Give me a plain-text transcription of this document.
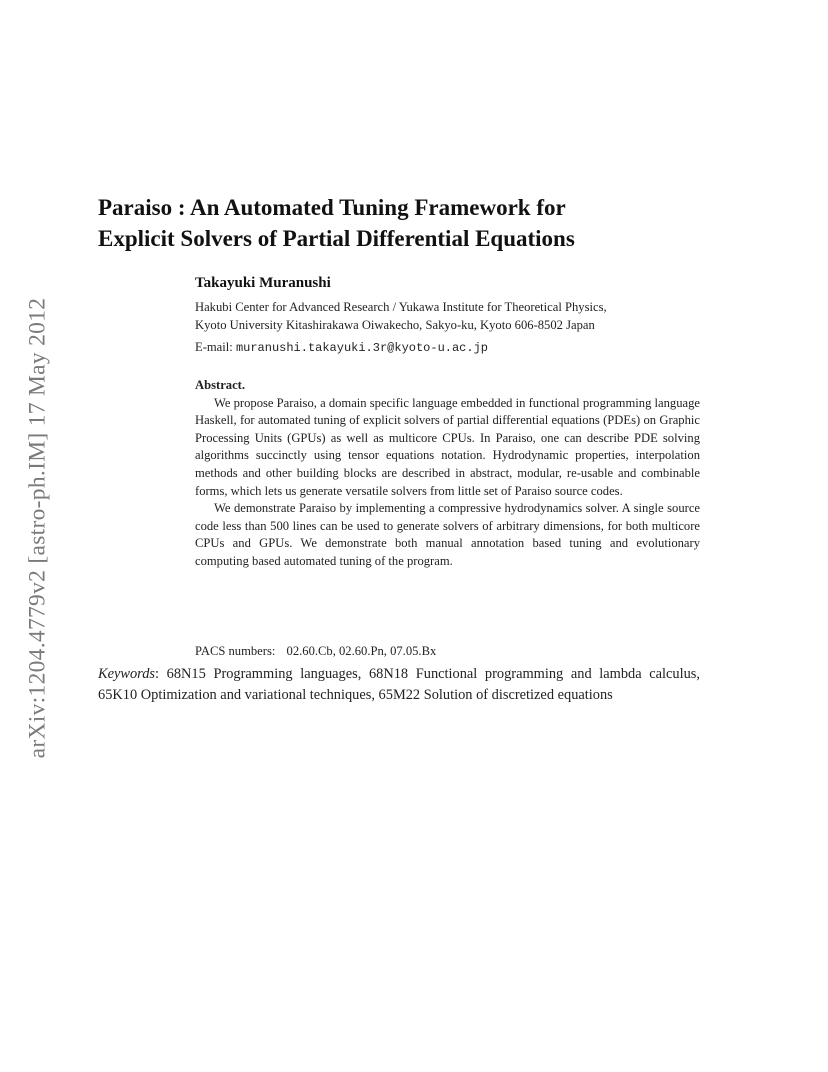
arXiv:1204.4779v2 [astro-ph.IM] 17 May 2012
Paraiso : An Automated Tuning Framework for
Explicit Solvers of Partial Differential Equations
Takayuki Muranushi
Hakubi Center for Advanced Research / Yukawa Institute for Theoretical Physics,
Kyoto University Kitashirakawa Oiwakecho, Sakyo-ku, Kyoto 606-8502 Japan
E-mail: muranushi.takayuki.3r@kyoto-u.ac.jp
Abstract.

We propose Paraiso, a domain specific language embedded in functional programming language Haskell, for automated tuning of explicit solvers of partial differential equations (PDEs) on Graphic Processing Units (GPUs) as well as multicore CPUs. In Paraiso, one can describe PDE solving algorithms succinctly using tensor equations notation. Hydrodynamic properties, interpolation methods and other building blocks are described in abstract, modular, re-usable and combinable forms, which lets us generate versatile solvers from little set of Paraiso source codes.

We demonstrate Paraiso by implementing a compressive hydrodynamics solver. A single source code less than 500 lines can be used to generate solvers of arbitrary dimensions, for both multicore CPUs and GPUs. We demonstrate both manual annotation based tuning and evolutionary computing based automated tuning of the program.

PACS numbers: 02.60.Cb, 02.60.Pn, 07.05.Bx
Keywords: 68N15 Programming languages, 68N18 Functional programming and lambda calculus, 65K10 Optimization and variational techniques, 65M22 Solution of discretized equations
